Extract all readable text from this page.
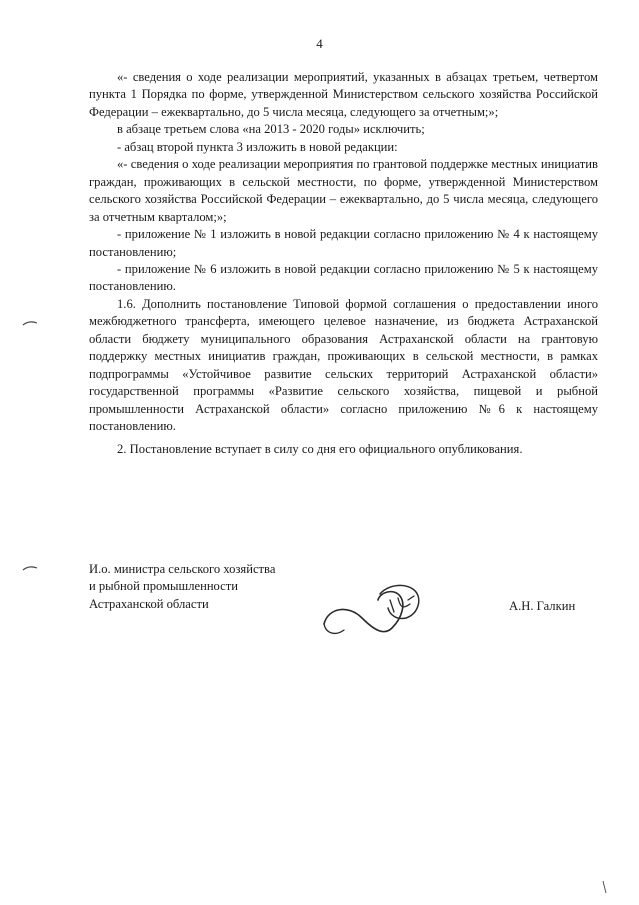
4

«- сведения о ходе реализации мероприятий, указанных в абзацах третьем, четвертом пункта 1 Порядка по форме, утвержденной Министерством сельского хозяйства Российской Федерации – ежеквартально, до 5 числа месяца, следующего за отчетным;»;

в абзаце третьем слова «на 2013 - 2020 годы» исключить;

- абзац второй пункта 3 изложить в новой редакции:

«- сведения о ходе реализации мероприятия по грантовой поддержке местных инициатив граждан, проживающих в сельской местности, по форме, утвержденной Министерством сельского хозяйства Российской Федерации – ежеквартально, до 5 числа месяца, следующего за отчетным кварталом;»;

- приложение № 1 изложить в новой редакции согласно приложению № 4 к настоящему постановлению;

- приложение № 6 изложить в новой редакции согласно приложению № 5 к настоящему постановлению.

1.6. Дополнить постановление Типовой формой соглашения о предоставлении иного межбюджетного трансферта, имеющего целевое назначение, из бюджета Астраханской области бюджету муниципального образования Астраханской области на грантовую поддержку местных инициатив граждан, проживающих в сельской местности, в рамках подпрограммы «Устойчивое развитие сельских территорий Астраханской области» государственной программы «Развитие сельского хозяйства, пищевой и рыбной промышленности Астраханской области» согласно приложению №6 к настоящему постановлению.

2. Постановление вступает в силу со дня его официального опубликования.

И.о. министра сельского хозяйства
и рыбной промышленности
Астраханской области	А.Н. Галкин
